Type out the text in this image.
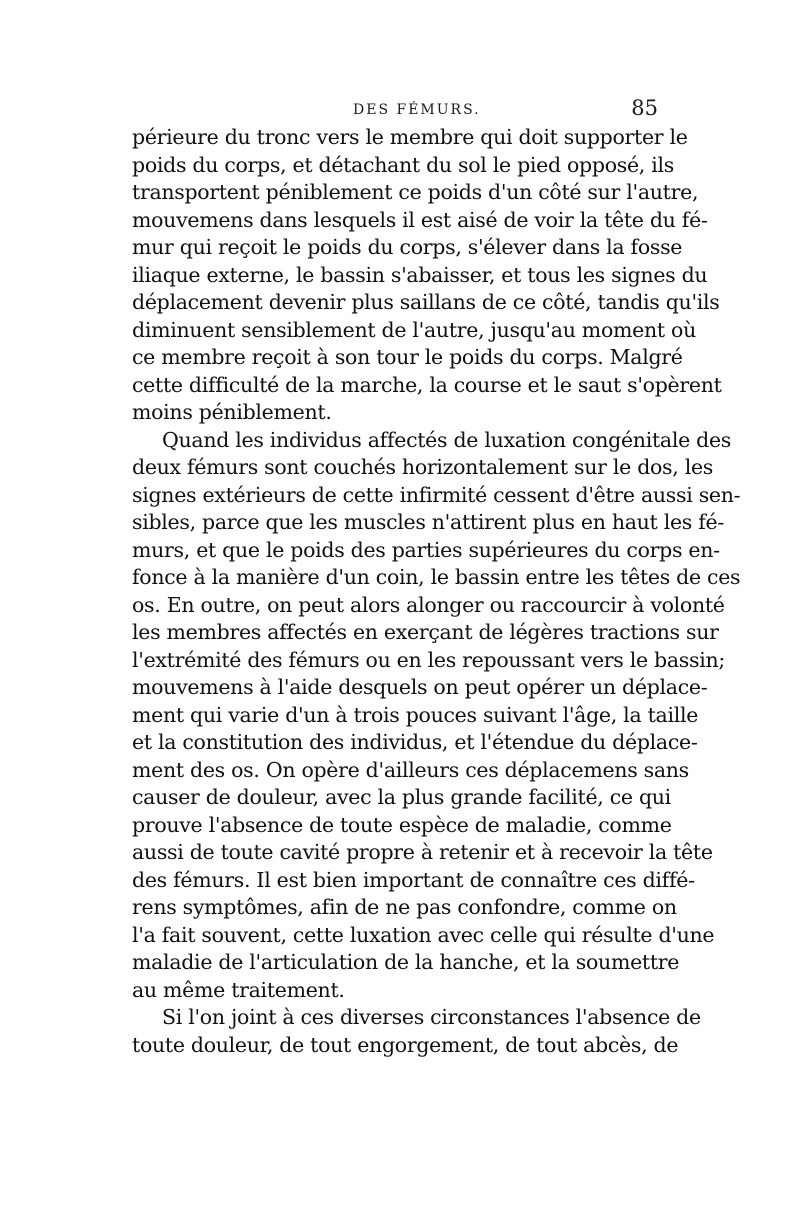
DES FÉMURS.	85
périeure du tronc vers le membre qui doit supporter le
poids du corps, et détachant du sol le pied opposé, ils
transportent péniblement ce poids d'un côté sur l'autre,
mouvemens dans lesquels il est aisé de voir la tête du fé-
mur qui reçoit le poids du corps, s'élever dans la fosse
iliaque externe, le bassin s'abaisser, et tous les signes du
déplacement devenir plus saillans de ce côté, tandis qu'ils
diminuent sensiblement de l'autre, jusqu'au moment où
ce membre reçoit à son tour le poids du corps. Malgré
cette difficulté de la marche, la course et le saut s'opèrent
moins péniblement.
Quand les individus affectés de luxation congénitale des
deux fémurs sont couchés horizontalement sur le dos, les
signes extérieurs de cette infirmité cessent d'être aussi sen-
sibles, parce que les muscles n'attirent plus en haut les fé-
murs, et que le poids des parties supérieures du corps en-
fonce à la manière d'un coin, le bassin entre les têtes de ces
os. En outre, on peut alors alonger ou raccourcir à volonté
les membres affectés en exerçant de légères tractions sur
l'extrémité des fémurs ou en les repoussant vers le bassin;
mouvemens à l'aide desquels on peut opérer un déplace-
ment qui varie d'un à trois pouces suivant l'âge, la taille
et la constitution des individus, et l'étendue du déplace-
ment des os. On opère d'ailleurs ces déplacemens sans
causer de douleur, avec la plus grande facilité, ce qui
prouve l'absence de toute espèce de maladie, comme
aussi de toute cavité propre à retenir et à recevoir la tête
des fémurs. Il est bien important de connaître ces diffé-
rens symptômes, afin de ne pas confondre, comme on
l'a fait souvent, cette luxation avec celle qui résulte d'une
maladie de l'articulation de la hanche, et la soumettre
au même traitement.
Si l'on joint à ces diverses circonstances l'absence de
toute douleur, de tout engorgement, de tout abcès, de
